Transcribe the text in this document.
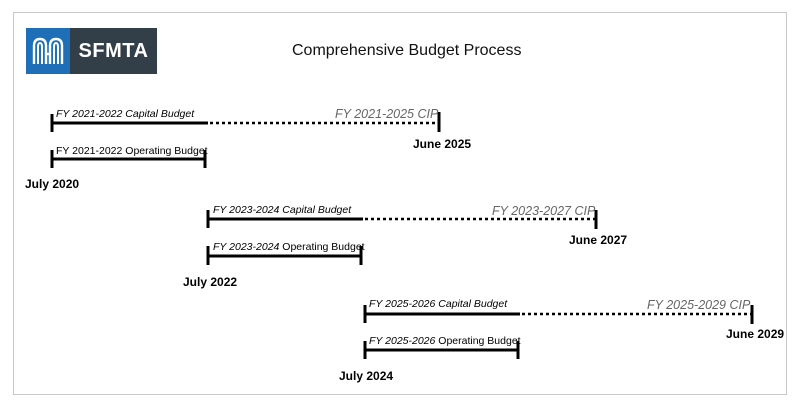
SFMTA	Comprehensive Budget Process
FY 2021-2022 Capital Budget	FY 2021-2025 CIP
June 2025
FY 2021-2022 Operating Budget
July 2020
FY 2023-2024 Capital Budget	FY 2023-2027 CIP
June 2027
FY 2023-2024 Operating Budget
July 2022
FY 2025-2026 Capital Budget	FY 2025-2029 CIP
June 2029
FY 2025-2026 Operating Budget
July 2024
